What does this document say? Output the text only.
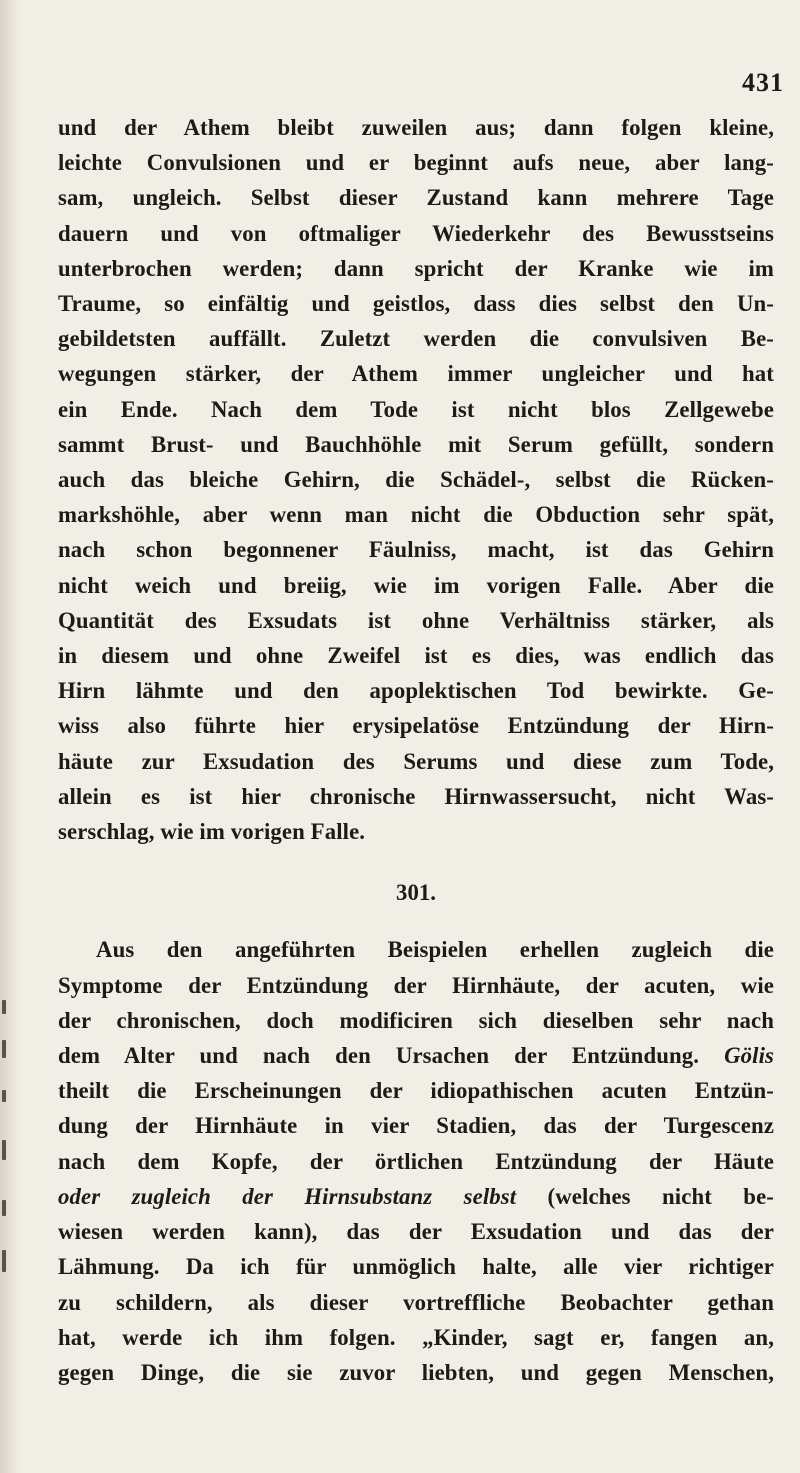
431
und der Athem bleibt zuweilen aus; dann folgen kleine,
leichte Convulsionen und er beginnt aufs neue, aber lang-
sam, ungleich. Selbst dieser Zustand kann mehrere Tage
dauern und von oftmaliger Wiederkehr des Bewusstseins
unterbrochen werden; dann spricht der Kranke wie im
Traume, so einfältig und geistlos, dass dies selbst den Un-
gebildetsten auffällt. Zuletzt werden die convulsiven Be-
wegungen stärker, der Athem immer ungleicher und hat
ein Ende. Nach dem Tode ist nicht blos Zellgewebe
sammt Brust- und Bauchhöhle mit Serum gefüllt, sondern
auch das bleiche Gehirn, die Schädel-, selbst die Rücken-
markshöhle, aber wenn man nicht die Obduction sehr spät,
nach schon begonnener Fäulniss, macht, ist das Gehirn
nicht weich und breiig, wie im vorigen Falle. Aber die
Quantität des Exsudats ist ohne Verhältniss stärker, als
in diesem und ohne Zweifel ist es dies, was endlich das
Hirn lähmte und den apoplektischen Tod bewirkte. Ge-
wiss also führte hier erysipelatöse Entzündung der Hirn-
häute zur Exsudation des Serums und diese zum Tode,
allein es ist hier chronische Hirnwassersucht, nicht Was-
serschlag, wie im vorigen Falle.
301.
Aus den angeführten Beispielen erhellen zugleich die
Symptome der Entzündung der Hirnhäute, der acuten, wie
der chronischen, doch modificiren sich dieselben sehr nach
dem Alter und nach den Ursachen der Entzündung. Gölis
theilt die Erscheinungen der idiopathischen acuten Entzün-
dung der Hirnhäute in vier Stadien, das der Turgescenz
nach dem Kopfe, der örtlichen Entzündung der Häute
oder zugleich der Hirnsubstanz selbst (welches nicht be-
wiesen werden kann), das der Exsudation und das der
Lähmung. Da ich für unmöglich halte, alle vier richtiger
zu schildern, als dieser vortreffliche Beobachter gethan
hat, werde ich ihm folgen. „Kinder, sagt er, fangen an,
gegen Dinge, die sie zuvor liebten, und gegen Menschen,
